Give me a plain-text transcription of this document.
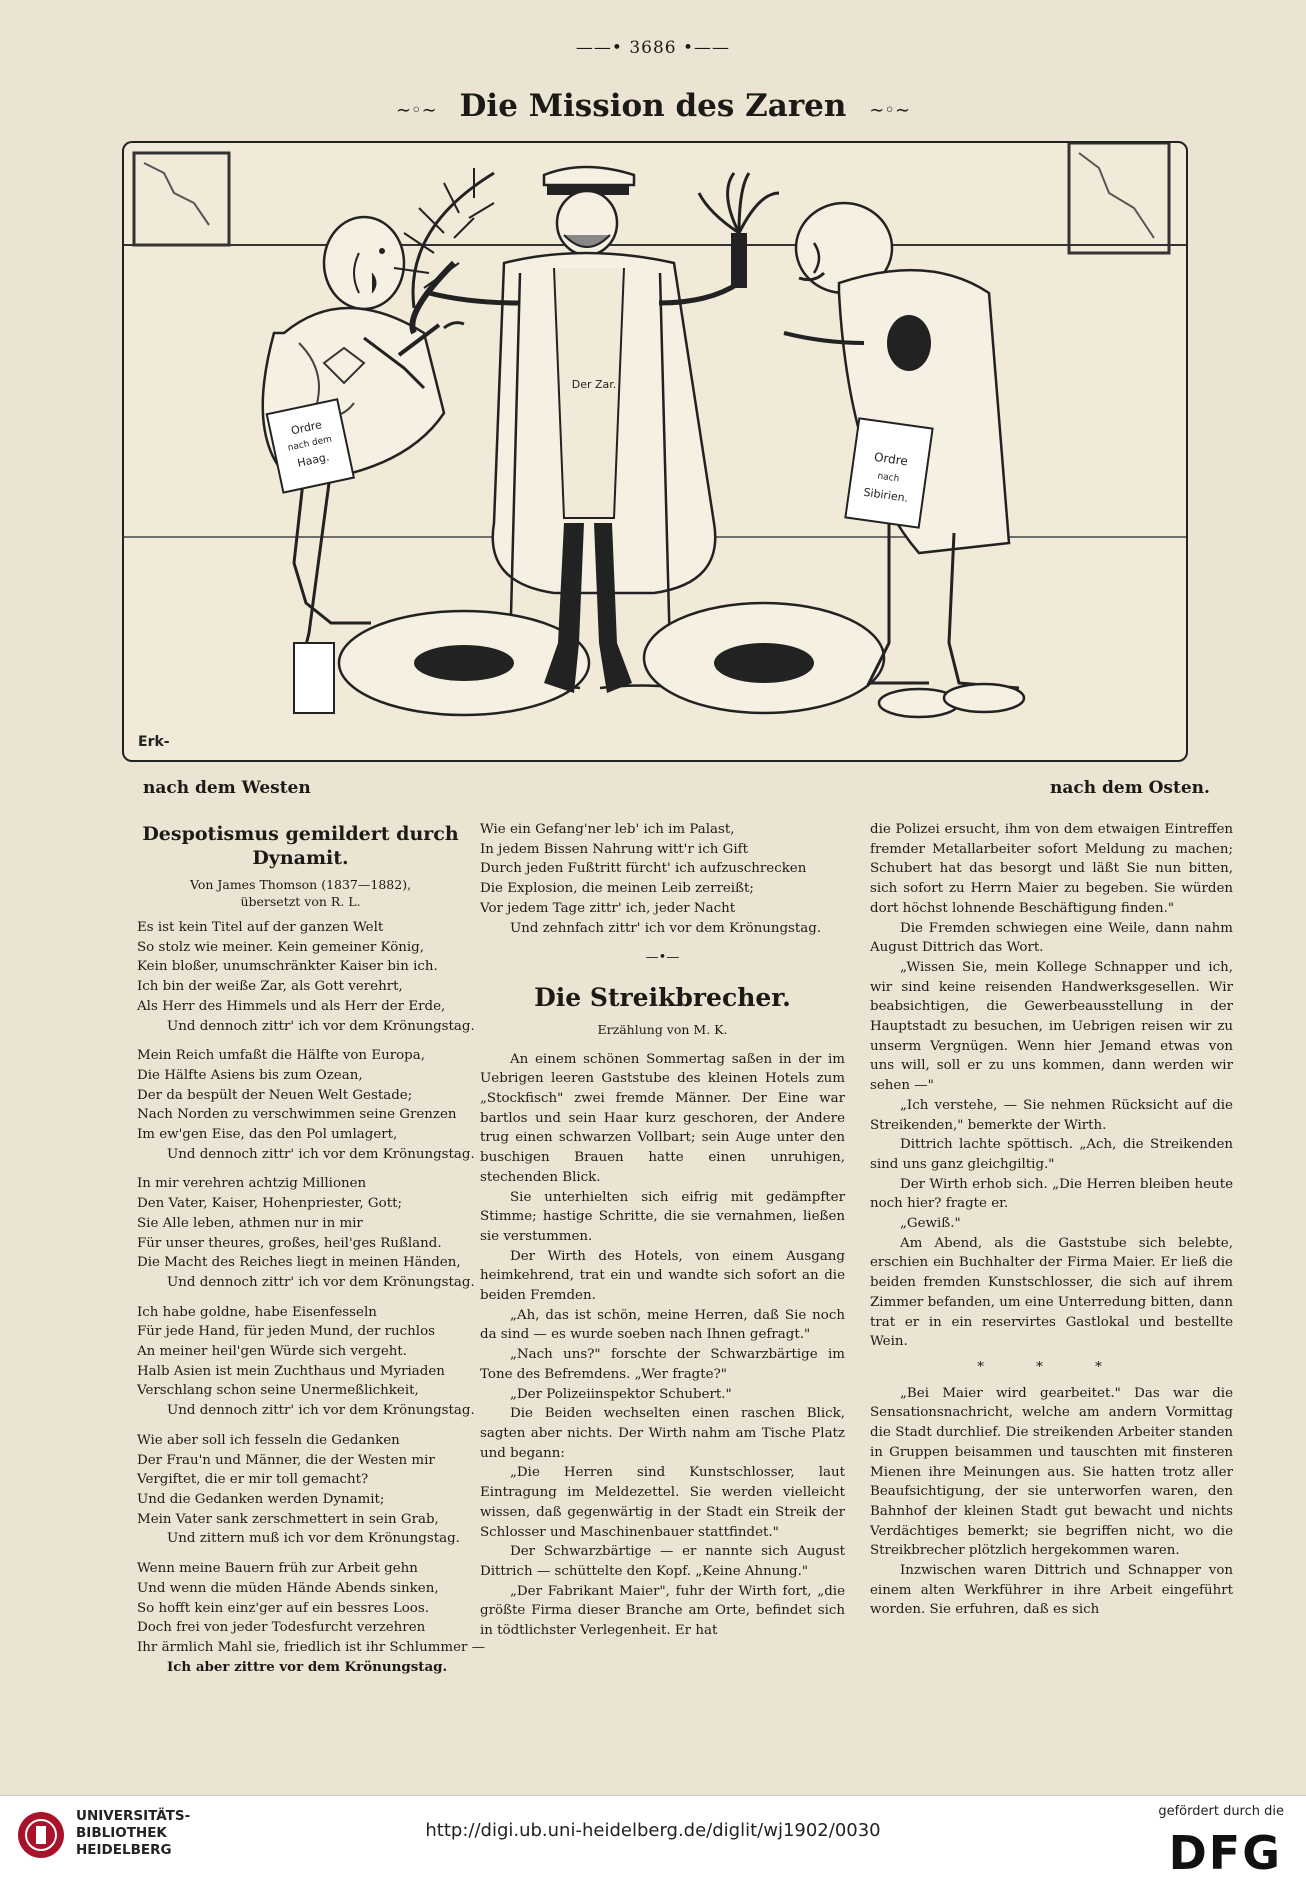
——• 3686 •——
∼◦∼ Die Mission des Zaren ∼◦∼
Ordre
nach dem
Haag.
Der Zar.
Ordre
nach
Sibirien.
Erk-
nach dem Westen	nach dem Osten.
Despotismus gemildert durch Dynamit.
Von James Thomson (1837—1882),
übersetzt von R. L.
Es ist kein Titel auf der ganzen Welt
So stolz wie meiner. Kein gemeiner König,
Kein bloßer, unumschränkter Kaiser bin ich.
Ich bin der weiße Zar, als Gott verehrt,
Als Herr des Himmels und als Herr der Erde,
Und dennoch zittr' ich vor dem Krönungstag.
Mein Reich umfaßt die Hälfte von Europa,
Die Hälfte Asiens bis zum Ozean,
Der da bespült der Neuen Welt Gestade;
Nach Norden zu verschwimmen seine Grenzen
Im ew'gen Eise, das den Pol umlagert,
Und dennoch zittr' ich vor dem Krönungstag.
In mir verehren achtzig Millionen
Den Vater, Kaiser, Hohenpriester, Gott;
Sie Alle leben, athmen nur in mir
Für unser theures, großes, heil'ges Rußland.
Die Macht des Reiches liegt in meinen Händen,
Und dennoch zittr' ich vor dem Krönungstag.
Ich habe goldne, habe Eisenfesseln
Für jede Hand, für jeden Mund, der ruchlos
An meiner heil'gen Würde sich vergeht.
Halb Asien ist mein Zuchthaus und Myriaden
Verschlang schon seine Unermeßlichkeit,
Und dennoch zittr' ich vor dem Krönungstag.
Wie aber soll ich fesseln die Gedanken
Der Frau'n und Männer, die der Westen mir
Vergiftet, die er mir toll gemacht?
Und die Gedanken werden Dynamit;
Mein Vater sank zerschmettert in sein Grab,
Und zittern muß ich vor dem Krönungstag.
Wenn meine Bauern früh zur Arbeit gehn
Und wenn die müden Hände Abends sinken,
So hofft kein einz'ger auf ein bessres Loos.
Doch frei von jeder Todesfurcht verzehren
Ihr ärmlich Mahl sie, friedlich ist ihr Schlummer —
Ich aber zittre vor dem Krönungstag.
Wie ein Gefang'ner leb' ich im Palast,
In jedem Bissen Nahrung witt'r ich Gift
Durch jeden Fußtritt fürcht' ich aufzuschrecken
Die Explosion, die meinen Leib zerreißt;
Vor jedem Tage zittr' ich, jeder Nacht
Und zehnfach zittr' ich vor dem Krönungstag.
—•—
Die Streikbrecher.
Erzählung von M. K.

An einem schönen Sommertag saßen in der im Uebrigen leeren Gaststube des kleinen Hotels zum „Stockfisch" zwei fremde Männer. Der Eine war bartlos und sein Haar kurz geschoren, der Andere trug einen schwarzen Vollbart; sein Auge unter den buschigen Brauen hatte einen unruhigen, stechenden Blick.

Sie unterhielten sich eifrig mit gedämpfter Stimme; hastige Schritte, die sie vernahmen, ließen sie verstummen.

Der Wirth des Hotels, von einem Ausgang heimkehrend, trat ein und wandte sich sofort an die beiden Fremden.

„Ah, das ist schön, meine Herren, daß Sie noch da sind — es wurde soeben nach Ihnen gefragt."

„Nach uns?" forschte der Schwarzbärtige im Tone des Befremdens. „Wer fragte?"

„Der Polizeiinspektor Schubert."

Die Beiden wechselten einen raschen Blick, sagten aber nichts. Der Wirth nahm am Tische Platz und begann:

„Die Herren sind Kunstschlosser, laut Eintragung im Meldezettel. Sie werden vielleicht wissen, daß gegenwärtig in der Stadt ein Streik der Schlosser und Maschinenbauer stattfindet."

Der Schwarzbärtige — er nannte sich August Dittrich — schüttelte den Kopf. „Keine Ahnung."

„Der Fabrikant Maier", fuhr der Wirth fort, „die größte Firma dieser Branche am Orte, befindet sich in tödtlichster Verlegenheit. Er hat

die Polizei ersucht, ihm von dem etwaigen Eintreffen fremder Metallarbeiter sofort Meldung zu machen; Schubert hat das besorgt und läßt Sie nun bitten, sich sofort zu Herrn Maier zu begeben. Sie würden dort höchst lohnende Beschäftigung finden."

Die Fremden schwiegen eine Weile, dann nahm August Dittrich das Wort.

„Wissen Sie, mein Kollege Schnapper und ich, wir sind keine reisenden Handwerksgesellen. Wir beabsichtigen, die Gewerbeausstellung in der Hauptstadt zu besuchen, im Uebrigen reisen wir zu unserm Vergnügen. Wenn hier Jemand etwas von uns will, soll er zu uns kommen, dann werden wir sehen —"

„Ich verstehe, — Sie nehmen Rücksicht auf die Streikenden," bemerkte der Wirth.

Dittrich lachte spöttisch. „Ach, die Streikenden sind uns ganz gleichgiltig."

Der Wirth erhob sich. „Die Herren bleiben heute noch hier? fragte er.

„Gewiß."

Am Abend, als die Gaststube sich belebte, erschien ein Buchhalter der Firma Maier. Er ließ die beiden fremden Kunstschlosser, die sich auf ihrem Zimmer befanden, um eine Unterredung bitten, dann trat er in ein reservirtes Gastlokal und bestellte Wein.

* * *

„Bei Maier wird gearbeitet." Das war die Sensationsnachricht, welche am andern Vormittag die Stadt durchlief. Die streikenden Arbeiter standen in Gruppen beisammen und tauschten mit finsteren Mienen ihre Meinungen aus. Sie hatten trotz aller Beaufsichtigung, der sie unterworfen waren, den Bahnhof der kleinen Stadt gut bewacht und nichts Verdächtiges bemerkt; sie begriffen nicht, wo die Streikbrecher plötzlich hergekommen waren.

Inzwischen waren Dittrich und Schnapper von einem alten Werkführer in ihre Arbeit eingeführt worden. Sie erfuhren, daß es sich

UNIVERSITÄTS-
BIBLIOTHEK
HEIDELBERG
http://digi.ub.uni-heidelberg.de/diglit/wj1902/0030
gefördert durch die
DFG
